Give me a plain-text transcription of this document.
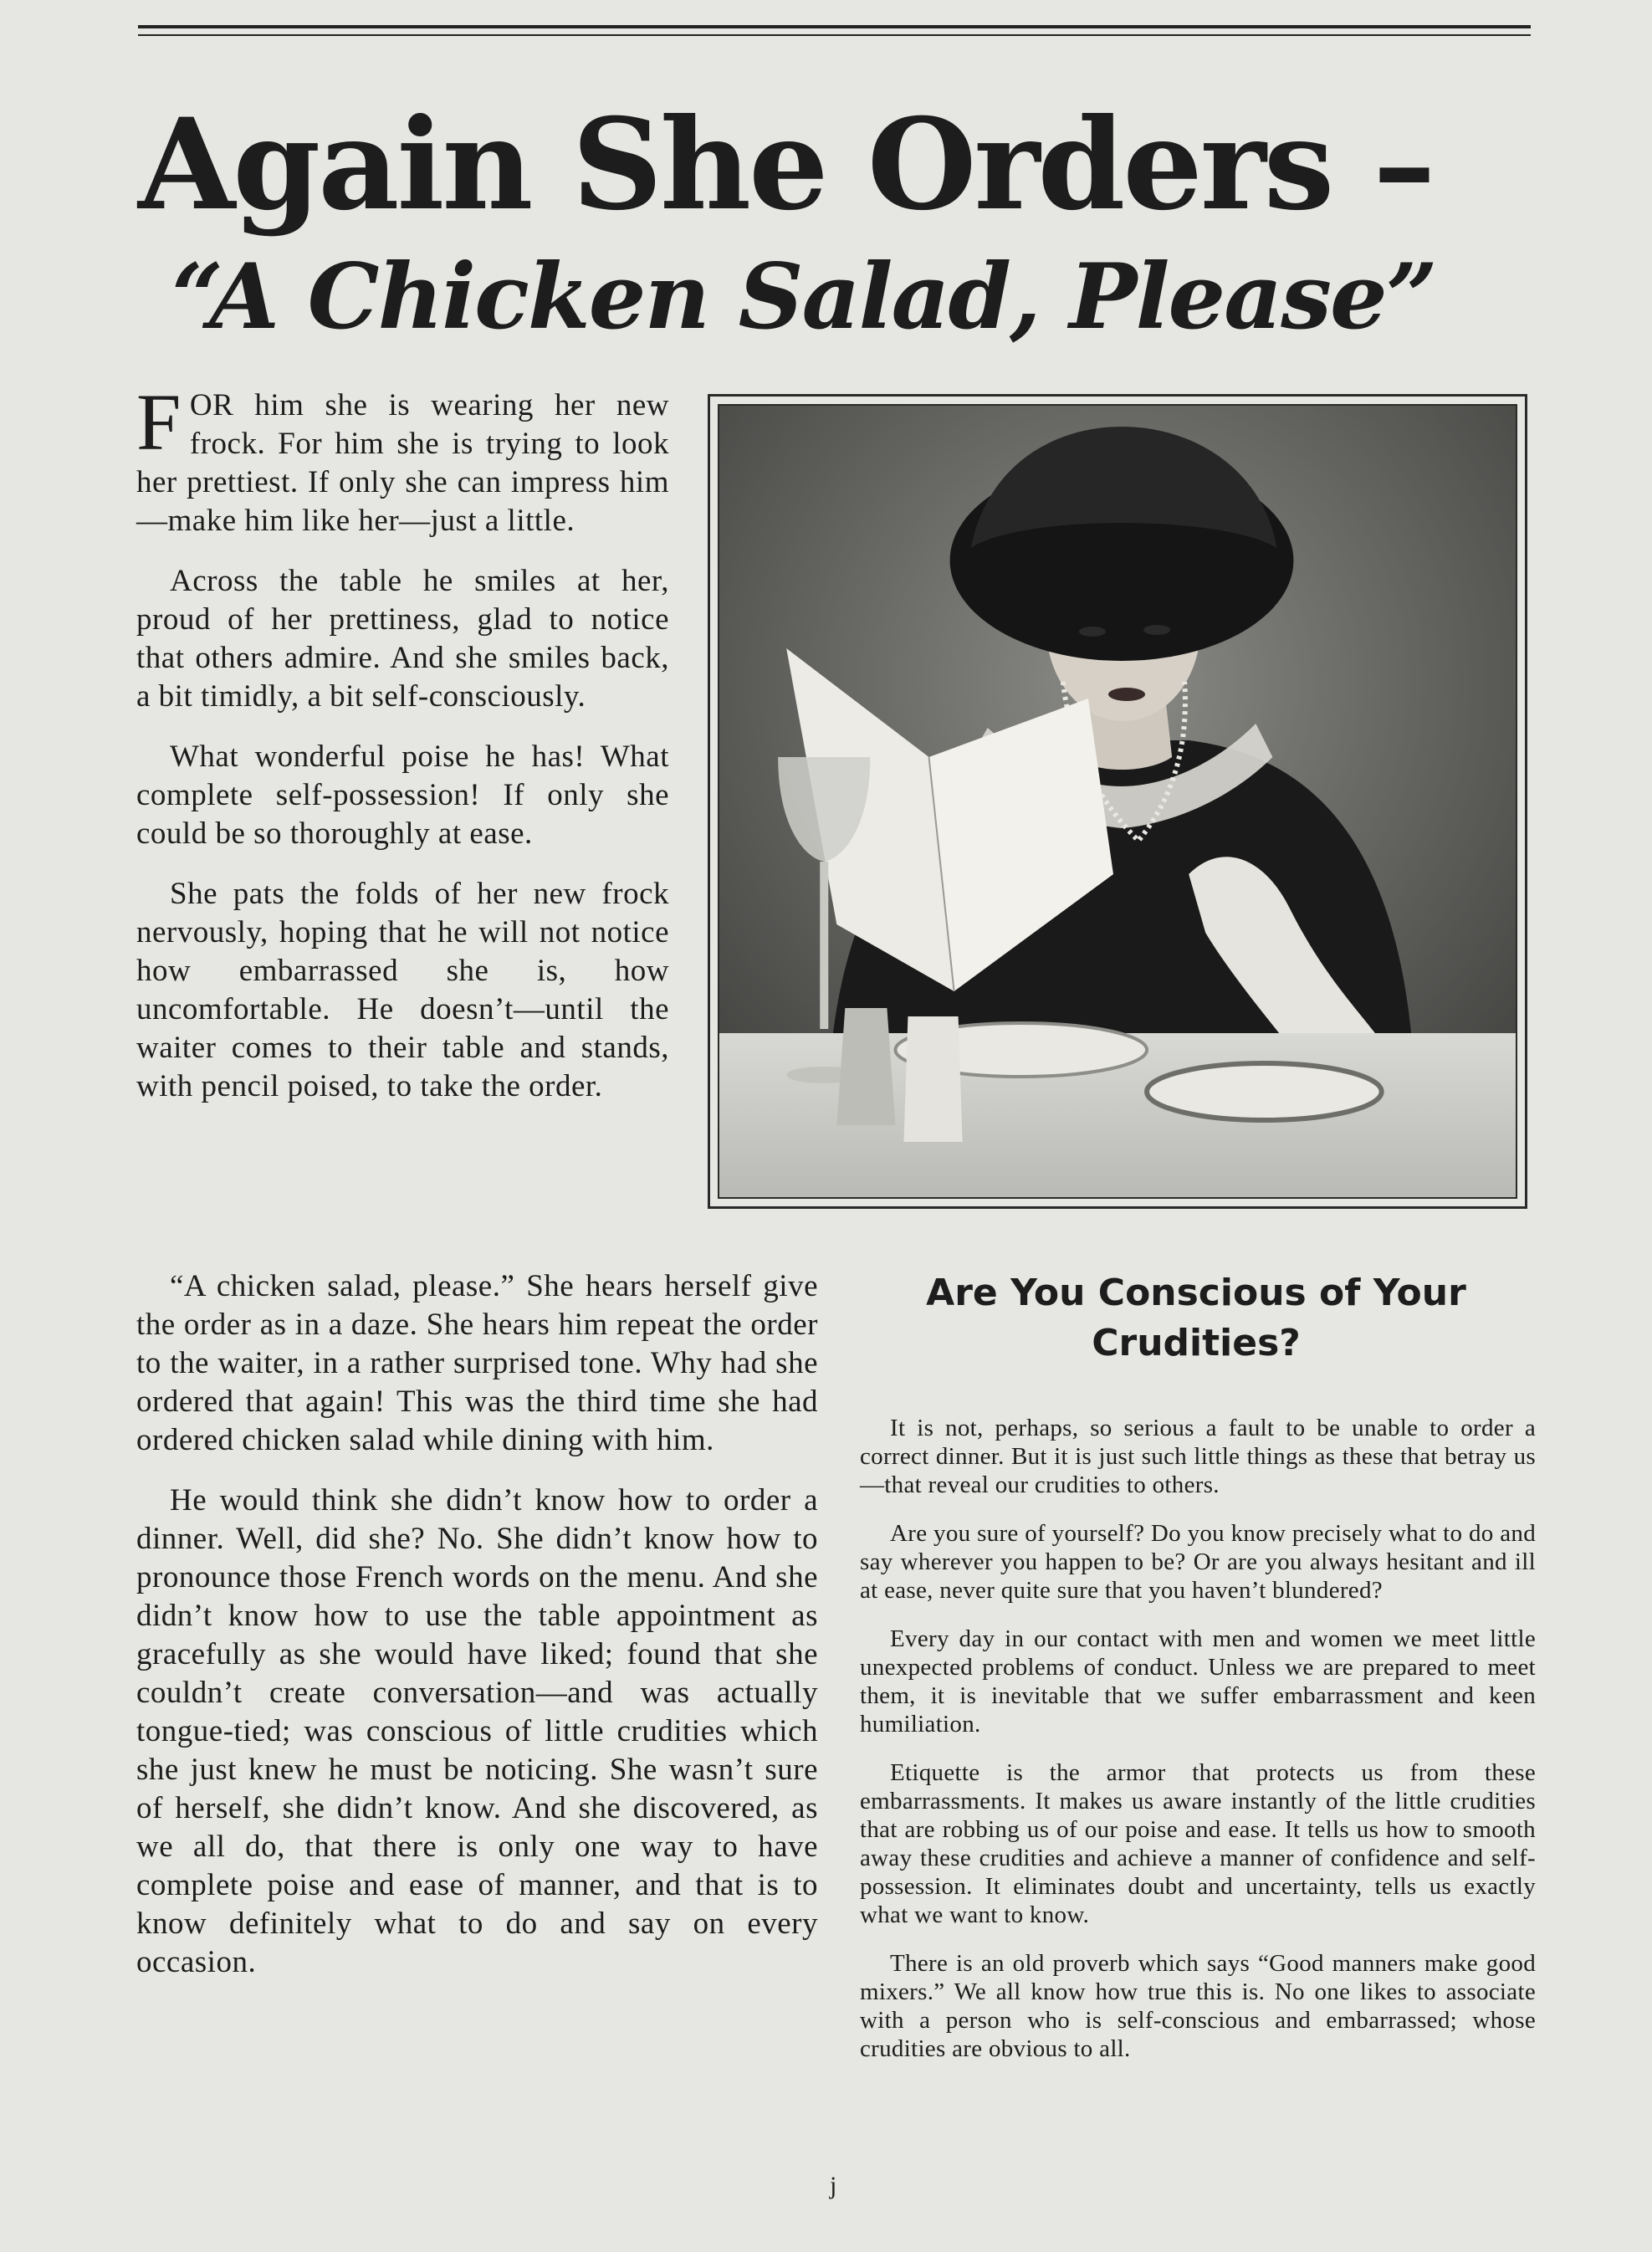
Again She Orders –
“A Chicken Salad, Please”

FOR him she is wearing her new frock. For him she is trying to look her prettiest. If only she can impress him—make him like her—just a little.

Across the table he smiles at her, proud of her prettiness, glad to notice that others admire. And she smiles back, a bit timidly, a bit self-consciously.

What wonderful poise he has! What complete self-possession! If only she could be so thoroughly at ease.

She pats the folds of her new frock nervously, hoping that he will not notice how embarrassed she is, how uncomfortable. He doesn’t—until the waiter comes to their table and stands, with pencil poised, to take the order.

“A chicken salad, please.” She hears herself give the order as in a daze. She hears him repeat the order to the waiter, in a rather surprised tone. Why had she ordered that again! This was the third time she had ordered chicken salad while dining with him.

He would think she didn’t know how to order a dinner. Well, did she? No. She didn’t know how to pronounce those French words on the menu. And she didn’t know how to use the table appointment as gracefully as she would have liked; found that she couldn’t create conversation—and was actually tongue-tied; was conscious of little crudities which she just knew he must be noticing. She wasn’t sure of herself, she didn’t know. And she discovered, as we all do, that there is only one way to have complete poise and ease of manner, and that is to know definitely what to do and say on every occasion.

Are You Conscious of Your Crudities?

It is not, perhaps, so serious a fault to be unable to order a correct dinner. But it is just such little things as these that betray us—that reveal our crudities to others.

Are you sure of yourself? Do you know precisely what to do and say wherever you happen to be? Or are you always hesitant and ill at ease, never quite sure that you haven’t blundered?

Every day in our contact with men and women we meet little unexpected problems of conduct. Unless we are prepared to meet them, it is inevitable that we suffer embarrassment and keen humiliation.

Etiquette is the armor that protects us from these embarrassments. It makes us aware instantly of the little crudities that are robbing us of our poise and ease. It tells us how to smooth away these crudities and achieve a manner of confidence and self-possession. It eliminates doubt and uncertainty, tells us exactly what we want to know.

There is an old proverb which says “Good manners make good mixers.” We all know how true this is. No one likes to associate with a person who is self-conscious and embarrassed; whose crudities are obvious to all.

j
